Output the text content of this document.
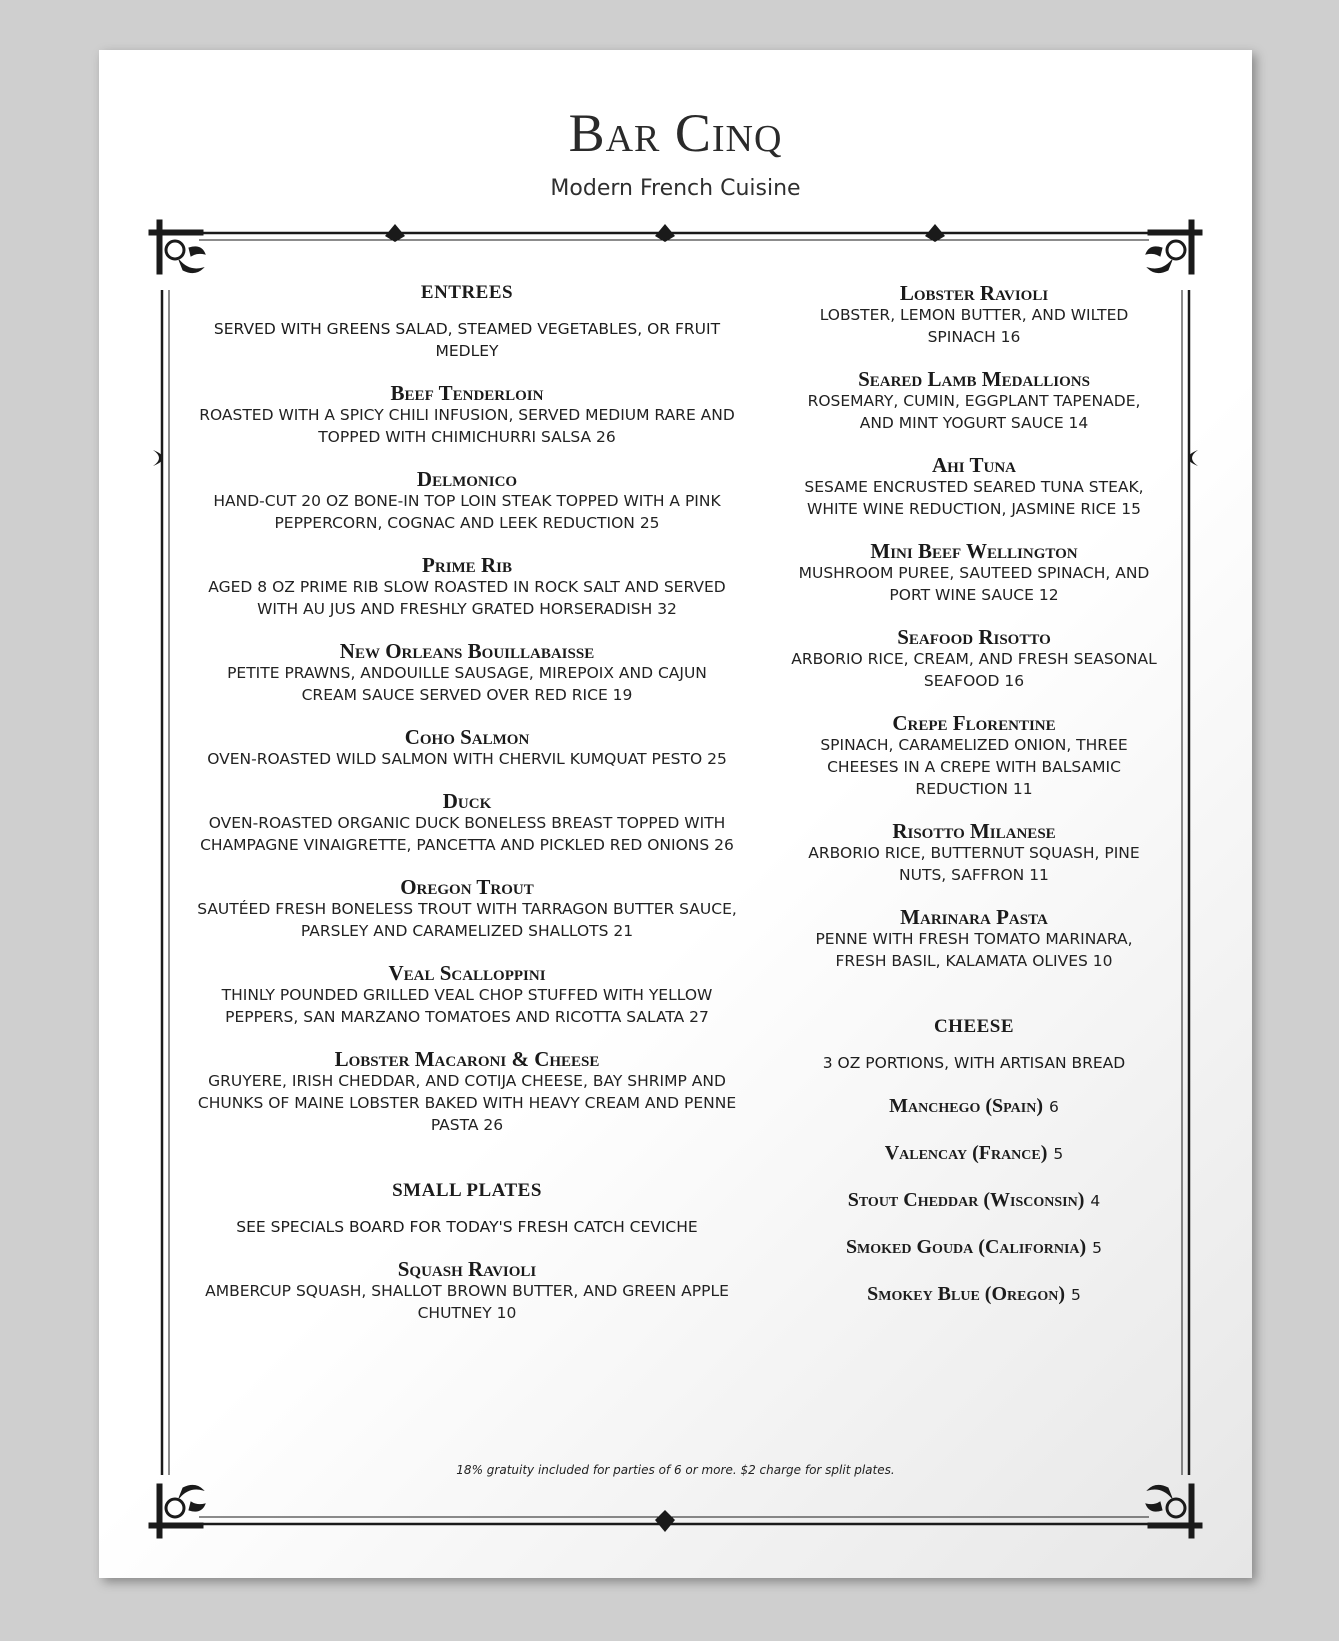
Bar Cinq
Modern French Cuisine
ENTREES
SERVED WITH GREENS SALAD, STEAMED VEGETABLES, OR FRUIT MEDLEY
Beef Tenderloin
ROASTED WITH A SPICY CHILI INFUSION, SERVED MEDIUM RARE AND TOPPED WITH CHIMICHURRI SALSA 26
Delmonico
HAND-CUT 20 OZ BONE-IN TOP LOIN STEAK TOPPED WITH A PINK PEPPERCORN, COGNAC AND LEEK REDUCTION 25
Prime Rib
AGED 8 OZ PRIME RIB SLOW ROASTED IN ROCK SALT AND SERVED WITH AU JUS AND FRESHLY GRATED HORSERADISH 32
New Orleans Bouillabaisse
PETITE PRAWNS, ANDOUILLE SAUSAGE, MIREPOIX AND CAJUN CREAM SAUCE SERVED OVER RED RICE 19
Coho Salmon
OVEN-ROASTED WILD SALMON WITH CHERVIL KUMQUAT PESTO 25
Duck
OVEN-ROASTED ORGANIC DUCK BONELESS BREAST TOPPED WITH CHAMPAGNE VINAIGRETTE, PANCETTA AND PICKLED RED ONIONS 26
Oregon Trout
SAUTÉED FRESH BONELESS TROUT WITH TARRAGON BUTTER SAUCE, PARSLEY AND CARAMELIZED SHALLOTS 21
Veal Scalloppini
THINLY POUNDED GRILLED VEAL CHOP STUFFED WITH YELLOW PEPPERS, SAN MARZANO TOMATOES AND RICOTTA SALATA 27
Lobster Macaroni & Cheese
GRUYERE, IRISH CHEDDAR, AND COTIJA CHEESE, BAY SHRIMP AND CHUNKS OF MAINE LOBSTER BAKED WITH HEAVY CREAM AND PENNE PASTA 26
SMALL PLATES
SEE SPECIALS BOARD FOR TODAY'S FRESH CATCH CEVICHE
Squash Ravioli
AMBERCUP SQUASH, SHALLOT BROWN BUTTER, AND GREEN APPLE CHUTNEY 10
Lobster Ravioli
LOBSTER, LEMON BUTTER, AND WILTED SPINACH 16
Seared Lamb Medallions
ROSEMARY, CUMIN, EGGPLANT TAPENADE, AND MINT YOGURT SAUCE 14
Ahi Tuna
SESAME ENCRUSTED SEARED TUNA STEAK, WHITE WINE REDUCTION, JASMINE RICE 15
Mini Beef Wellington
MUSHROOM PUREE, SAUTEED SPINACH, AND PORT WINE SAUCE 12
Seafood Risotto
ARBORIO RICE, CREAM, AND FRESH SEASONAL SEAFOOD 16
Crepe Florentine
SPINACH, CARAMELIZED ONION, THREE CHEESES IN A CREPE WITH BALSAMIC REDUCTION 11
Risotto Milanese
ARBORIO RICE, BUTTERNUT SQUASH, PINE NUTS, SAFFRON 11
Marinara Pasta
PENNE WITH FRESH TOMATO MARINARA, FRESH BASIL, KALAMATA OLIVES 10
CHEESE
3 OZ PORTIONS, WITH ARTISAN BREAD
Manchego (Spain) 6
Valencay (France) 5
Stout Cheddar (Wisconsin) 4
Smoked Gouda (California) 5
Smokey Blue (Oregon) 5
18% gratuity included for parties of 6 or more. $2 charge for split plates.
